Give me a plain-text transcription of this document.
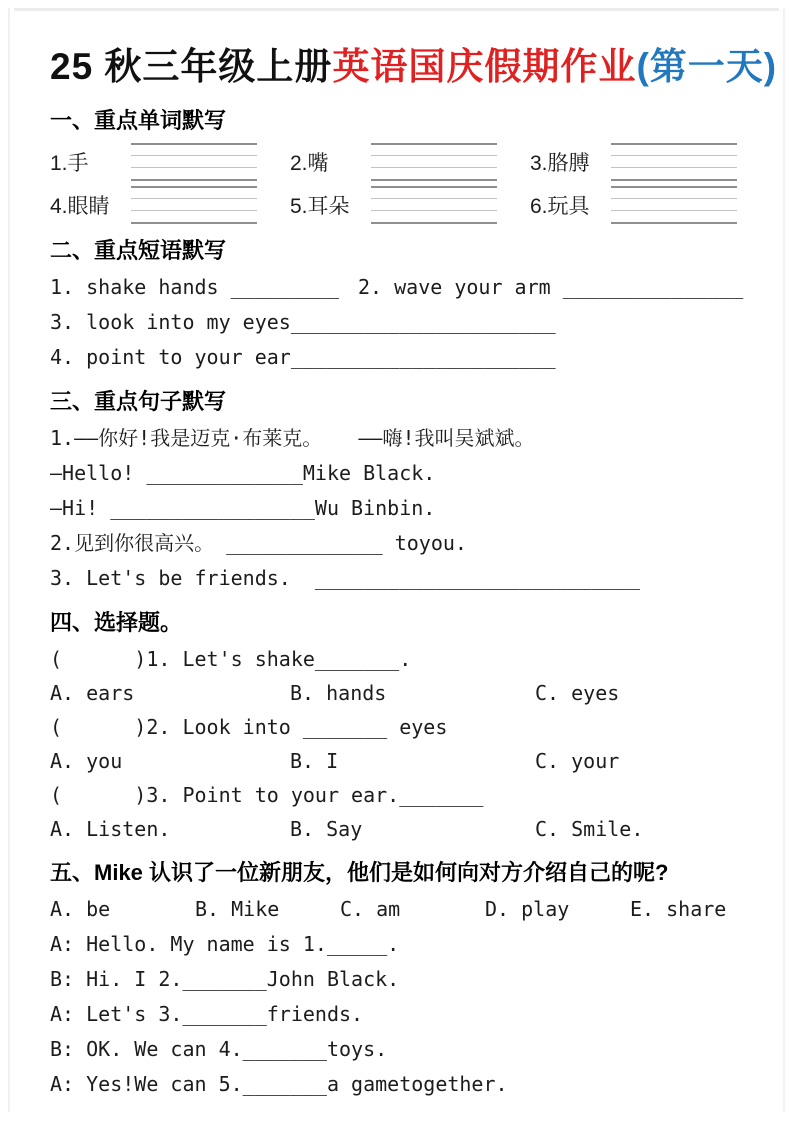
25 秋三年级上册英语国庆假期作业(第一天)
一、重点单词默写
1.手	2.嘴	3.胳膊
4.眼睛	5.耳朵	6.玩具
二、重点短语默写
1. shake hands _________ 2. wave your arm _______________
3. look into my eyes______________________
4. point to your ear______________________
三、重点句子默写
1.——你好!我是迈克·布莱克。   ——嗨!我叫吴斌斌。
—Hello! _____________Mike Black.
—Hi! _________________Wu Binbin.
2.见到你很高兴。 _____________ toyou.
3. Let's be friends.  ___________________________
四、选择题。
(      )1. Let's shake_______.
A. ears	B. hands	C. eyes
(      )2. Look into _______ eyes
A. you	B. I	C. your
(      )3. Point to your ear._______
A. Listen.	B. Say	C. Smile.
五、Mike 认识了一位新朋友，他们是如何向对方介绍自己的呢?
A. be	B. Mike	C. am	D. play	E. share
A: Hello. My name is 1._____.
B: Hi. I 2._______John Black.
A: Let's 3._______friends.
B: OK. We can 4._______toys.
A: Yes!We can 5._______a gametogether.
